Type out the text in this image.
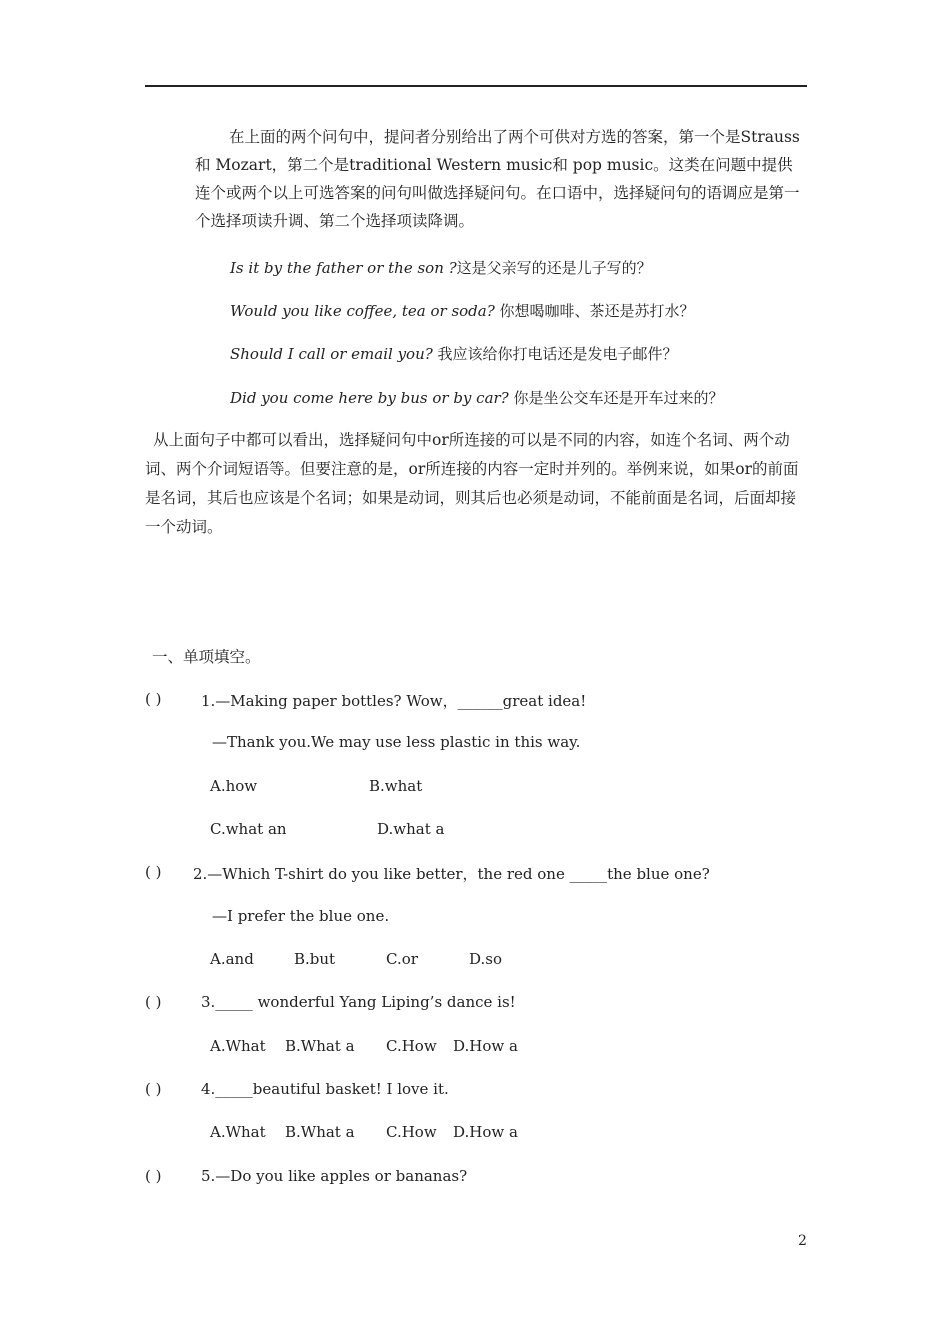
在上面的两个问句中，提问者分别给出了两个可供对方选的答案，第一个是Strauss和 Mozart，第二个是traditional Western music和 pop music。这类在问题中提供连个或两个以上可选答案的问句叫做选择疑问句。在口语中，选择疑问句的语调应是第一个选择项读升调、第二个选择项读降调。

Is it by the father or the son ?这是父亲写的还是儿子写的？
Would you like coffee, tea or soda? 你想喝咖啡、茶还是苏打水？
Should I call or email you? 我应该给你打电话还是发电子邮件？
Did you come here by bus or by car? 你是坐公交车还是开车过来的？

从上面句子中都可以看出，选择疑问句中or所连接的可以是不同的内容，如连个名词、两个动词、两个介词短语等。但要注意的是，or所连接的内容一定时并列的。举例来说，如果or的前面是名词，其后也应该是个名词；如果是动词，则其后也必须是动词，不能前面是名词，后面却接一个动词。

一、单项填空。
( )	1.—Making paper bottles? Wow，______great idea!
—Thank you.We may use less plastic in this way.
A.how	B.what
C.what an	D.what a
( ) 2.—Which T-shirt do you like better，the red one _____the blue one?
—I prefer the blue one.
A.and	B.but	C.or	D.so
( )	3._____ wonderful Yang Liping’s dance is!
A.What B.What a C.How D.How a
( )	4._____beautiful basket! I love it.
A.What B.What a C.How D.How a
( )	5.—Do you like apples or bananas?
2
